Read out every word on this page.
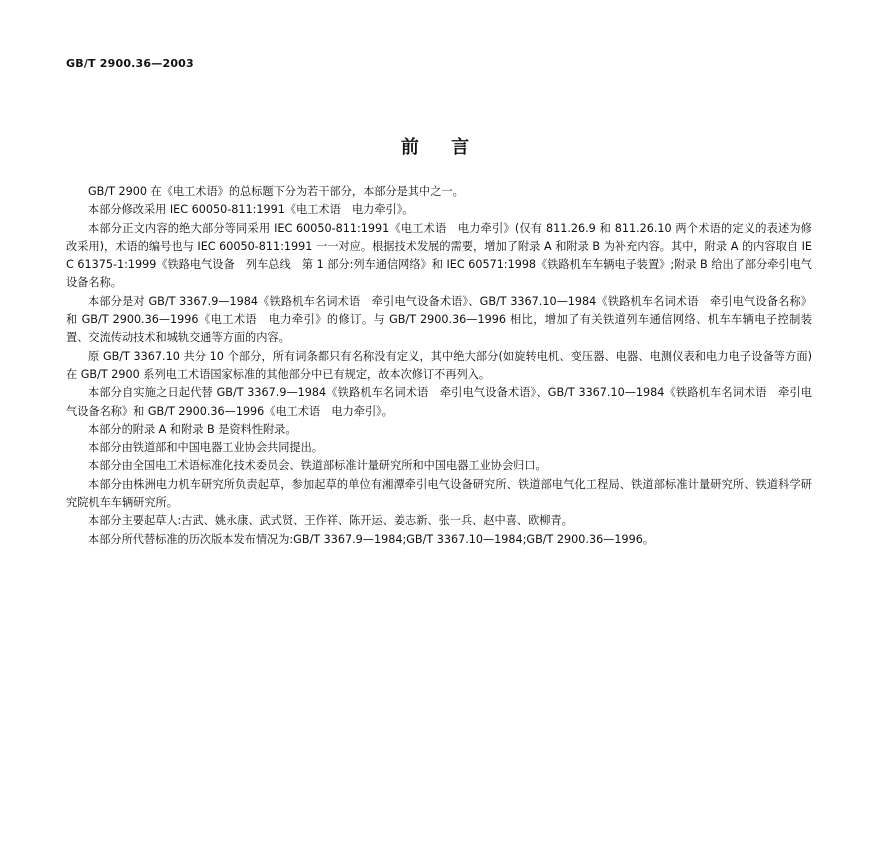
GB/T 2900.36—2003
前 言

GB/T 2900 在《电工术语》的总标题下分为若干部分，本部分是其中之一。

本部分修改采用 IEC 60050-811:1991《电工术语　电力牵引》。

本部分正文内容的绝大部分等同采用 IEC 60050-811:1991《电工术语　电力牵引》(仅有 811.26.9 和 811.26.10 两个术语的定义的表述为修改采用)，术语的编号也与 IEC 60050-811:1991 一一对应。根据技术发展的需要，增加了附录 A 和附录 B 为补充内容。其中，附录 A 的内容取自 IEC 61375-1:1999《铁路电气设备　列车总线　第 1 部分:列车通信网络》和 IEC 60571:1998《铁路机车车辆电子装置》;附录 B 给出了部分牵引电气设备名称。

本部分是对 GB/T 3367.9—1984《铁路机车名词术语　牵引电气设备术语》、GB/T 3367.10—1984《铁路机车名词术语　牵引电气设备名称》和 GB/T 2900.36—1996《电工术语　电力牵引》的修订。与 GB/T 2900.36—1996 相比，增加了有关铁道列车通信网络、机车车辆电子控制装置、交流传动技术和城轨交通等方面的内容。

原 GB/T 3367.10 共分 10 个部分，所有词条都只有名称没有定义，其中绝大部分(如旋转电机、变压器、电器、电测仪表和电力电子设备等方面)在 GB/T 2900 系列电工术语国家标准的其他部分中已有规定，故本次修订不再列入。

本部分自实施之日起代替 GB/T 3367.9—1984《铁路机车名词术语　牵引电气设备术语》、GB/T 3367.10—1984《铁路机车名词术语　牵引电气设备名称》和 GB/T 2900.36—1996《电工术语　电力牵引》。

本部分的附录 A 和附录 B 是资料性附录。

本部分由铁道部和中国电器工业协会共同提出。

本部分由全国电工术语标准化技术委员会、铁道部标准计量研究所和中国电器工业协会归口。

本部分由株洲电力机车研究所负责起草，参加起草的单位有湘潭牵引电气设备研究所、铁道部电气化工程局、铁道部标准计量研究所、铁道科学研究院机车车辆研究所。

本部分主要起草人:古武、姚永康、武式贤、王作祥、陈开运、姜志新、张一兵、赵中喜、欧柳青。

本部分所代替标准的历次版本发布情况为:GB/T 3367.9—1984;GB/T 3367.10—1984;GB/T 2900.36—1996。
